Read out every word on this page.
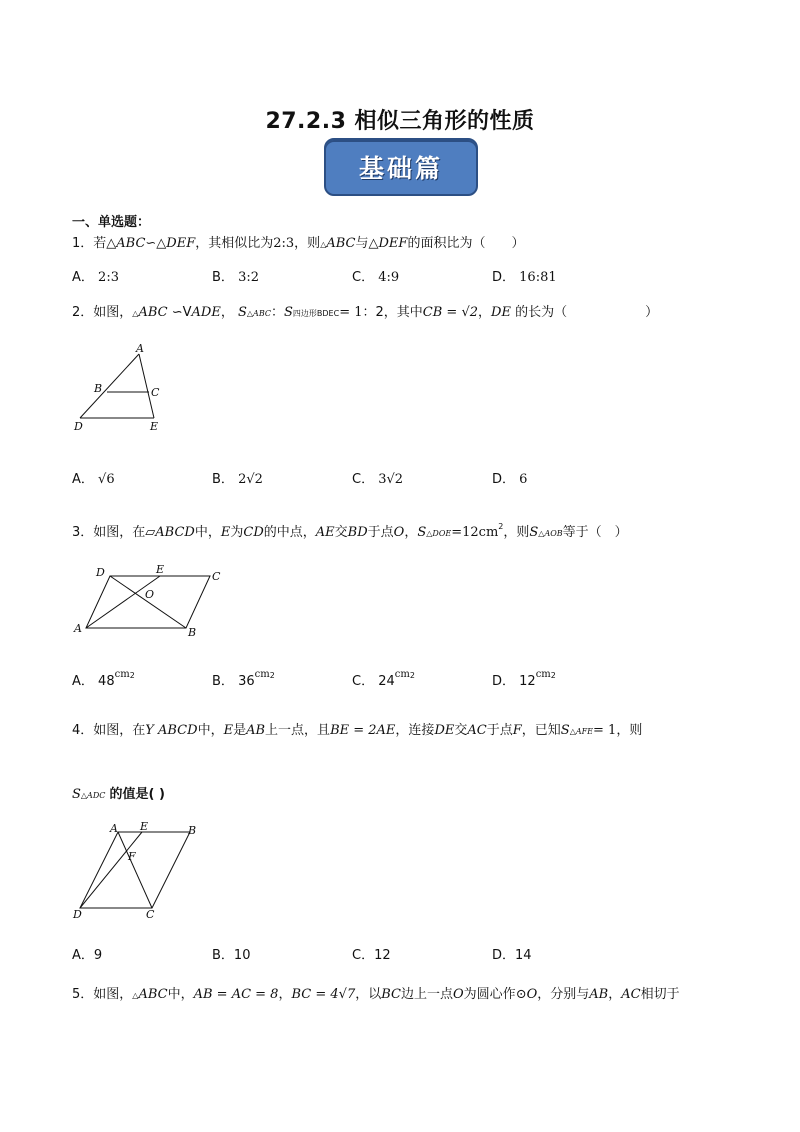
27.2.3 相似三角形的性质
基础篇
一、单选题：
1．若△ABC∽△DEF，其相似比为2:3，则△ABC与△DEF的面积比为（　　）
A． 2:3	B． 3:2	C． 4:9	D． 16:81
2．如图，△ABC ∽VADE， S△ABC：S四边形BDEC= 1：2，其中CB = √2，DE 的长为（　　　　　　）
A
B	C
D	E
A． √6	B． 2√2	C． 3√2	D． 6
3．如图，在▱ABCD中，E为CD的中点，AE交BD于点O，$S\triangle DOE=12cm^2$，则S△AOB等于（　）
D	E
C
O
A	B
A． $48^{cm2}$	B． $36^{cm2}$	C． $24^{cm2}$	D． $12^{cm2}$
4．如图，在Y ABCD中，E是AB上一点，且BE = 2AE，连接DE交AC于点F，已知S△AFE= 1，则
S△ADC 的值是( )
A E	B
F
D	C
A．9	B．10	C．12	D．14
5．如图，△ABC中，AB = AC = 8，BC = 4√7，以BC边上一点O为圆心作⊙O，分别与AB，AC相切于
